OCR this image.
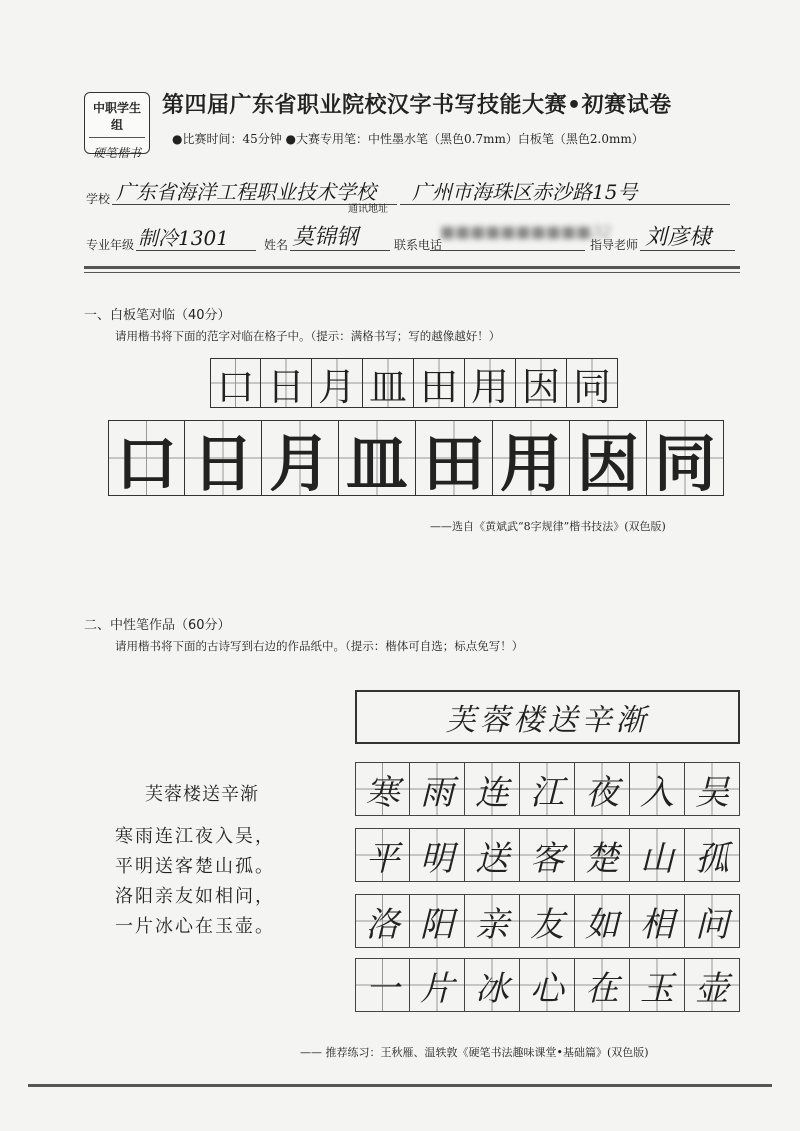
中职学生组
硬笔楷书
第四届广东省职业院校汉字书写技能大赛•初赛试卷
●比赛时间：45分钟 ●大赛专用笔：中性墨水笔（黑色0.7mm）白板笔（黑色2.0mm）
学校 广东省海洋工程职业技术学校
通讯地址
广州市海珠区赤沙路15号
专业年级 制冷1301	姓名 莫锦钢	联系电话
■■■■■■■■■■32
指导老师 刘彦棣
一、白板笔对临（40分）
请用楷书将下面的范字对临在格子中。（提示：满格书写；写的越像越好！）
口 日 月 皿 田 用 因 同
口 日 月 皿 田 用 因 同
——选自《黄斌武“8字规律”楷书技法》(双色版)
二、中性笔作品（60分）
请用楷书将下面的古诗写到右边的作品纸中。（提示：楷体可自选；标点免写！）
芙蓉楼送辛渐
寒雨连江夜入吴，
平明送客楚山孤。
洛阳亲友如相问，
一片冰心在玉壶。
芙蓉楼送辛渐
寒 雨 连 江 夜 入 吴
平 明 送 客 楚 山 孤
洛 阳 亲 友 如 相 问
一 片 冰 心 在 玉 壶
—— 推荐练习：王秋雁、温轶敦《硬笔书法趣味课堂•基础篇》(双色版)
